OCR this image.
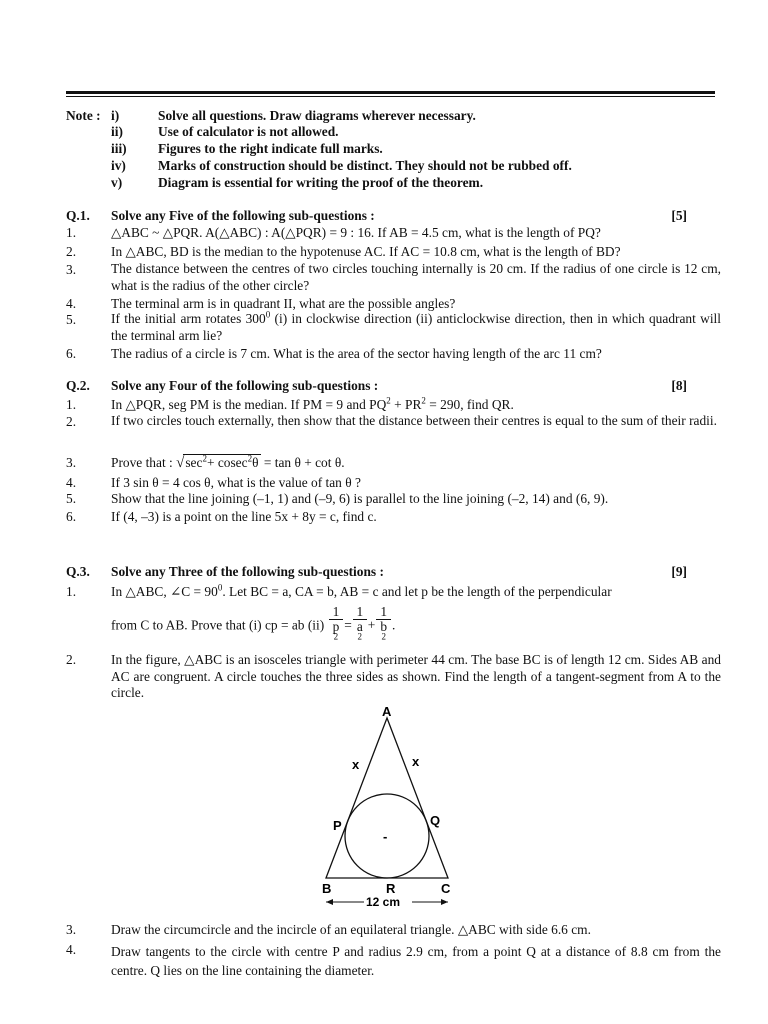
Note : i)	Solve all questions. Draw diagrams wherever necessary.
ii)	Use of calculator is not allowed.
iii) Figures to the right indicate full marks.
iv) Marks of construction should be distinct. They should not be rubbed off.
v)	Diagram is essential for writing the proof of the theorem.
Q.1. Solve any Five of the following sub-questions :	[5]
1.	△ABC ~ △PQR. A(△ABC) : A(△PQR) = 9 : 16. If AB = 4.5 cm, what is the length of PQ?
2.	In △ABC, BD is the median to the hypotenuse AC. If AC = 10.8 cm, what is the length of BD?
3.	The distance between the centres of two circles touching internally is 20 cm. If the radius of one circle is 12 cm, what is the radius of the other circle?
4.	The terminal arm is in quadrant II, what are the possible angles?
5.	If the initial arm rotates $300^0$ (i) in clockwise direction (ii) anticlockwise direction, then in which quadrant will the terminal arm lie?
6.	The radius of a circle is 7 cm. What is the area of the sector having length of the arc 11 cm?
Q.2. Solve any Four of the following sub-questions :	[8]
1.	In △PQR, seg PM is the median. If PM = 9 and $PQ^2 + PR^2 = 290$, find QR.
2.	If two circles touch externally, then show that the distance between their centres is equal to the sum of their radii.
3.	Prove that : $√\sec^2+ cosec^2\theta = \tan \theta + \cot \theta$.
4.	If 3 sin θ = 4 cos θ, what is the value of tan θ ?
5.	Show that the line joining (–1, 1) and (–9, 6) is parallel to the line joining (–2, 14) and (6, 9).
6.	If (4, –3) is a point on the line 5x + 8y = c, find c.
Q.3. Solve any Three of the following sub-questions :	[9]
1.	In △ABC, ∠C = $90^0$. Let BC = a, CA = b, AB = c and let p be the length of the perpendicular
from C to AB. Prove that (i) cp = ab (ii) 1
p
$^2$ = 1
a
$^2$ + 1
b
$^2$ .
2.	In the figure, △ABC is an isosceles triangle with perimeter 44 cm. The base BC is of length 12 cm. Sides AB and AC are congruent. A circle touches the three sides as shown. Find the length of a tangent-segment from A to the circle.
A
B	C
P	Q
R
x	x
-
12 cm
3.	Draw the circumcircle and the incircle of an equilateral triangle. △ABC with side 6.6 cm.
4.	Draw tangents to the circle with centre P and radius 2.9 cm, from a point Q at a distance of 8.8 cm from the centre. Q lies on the line containing the diameter.
